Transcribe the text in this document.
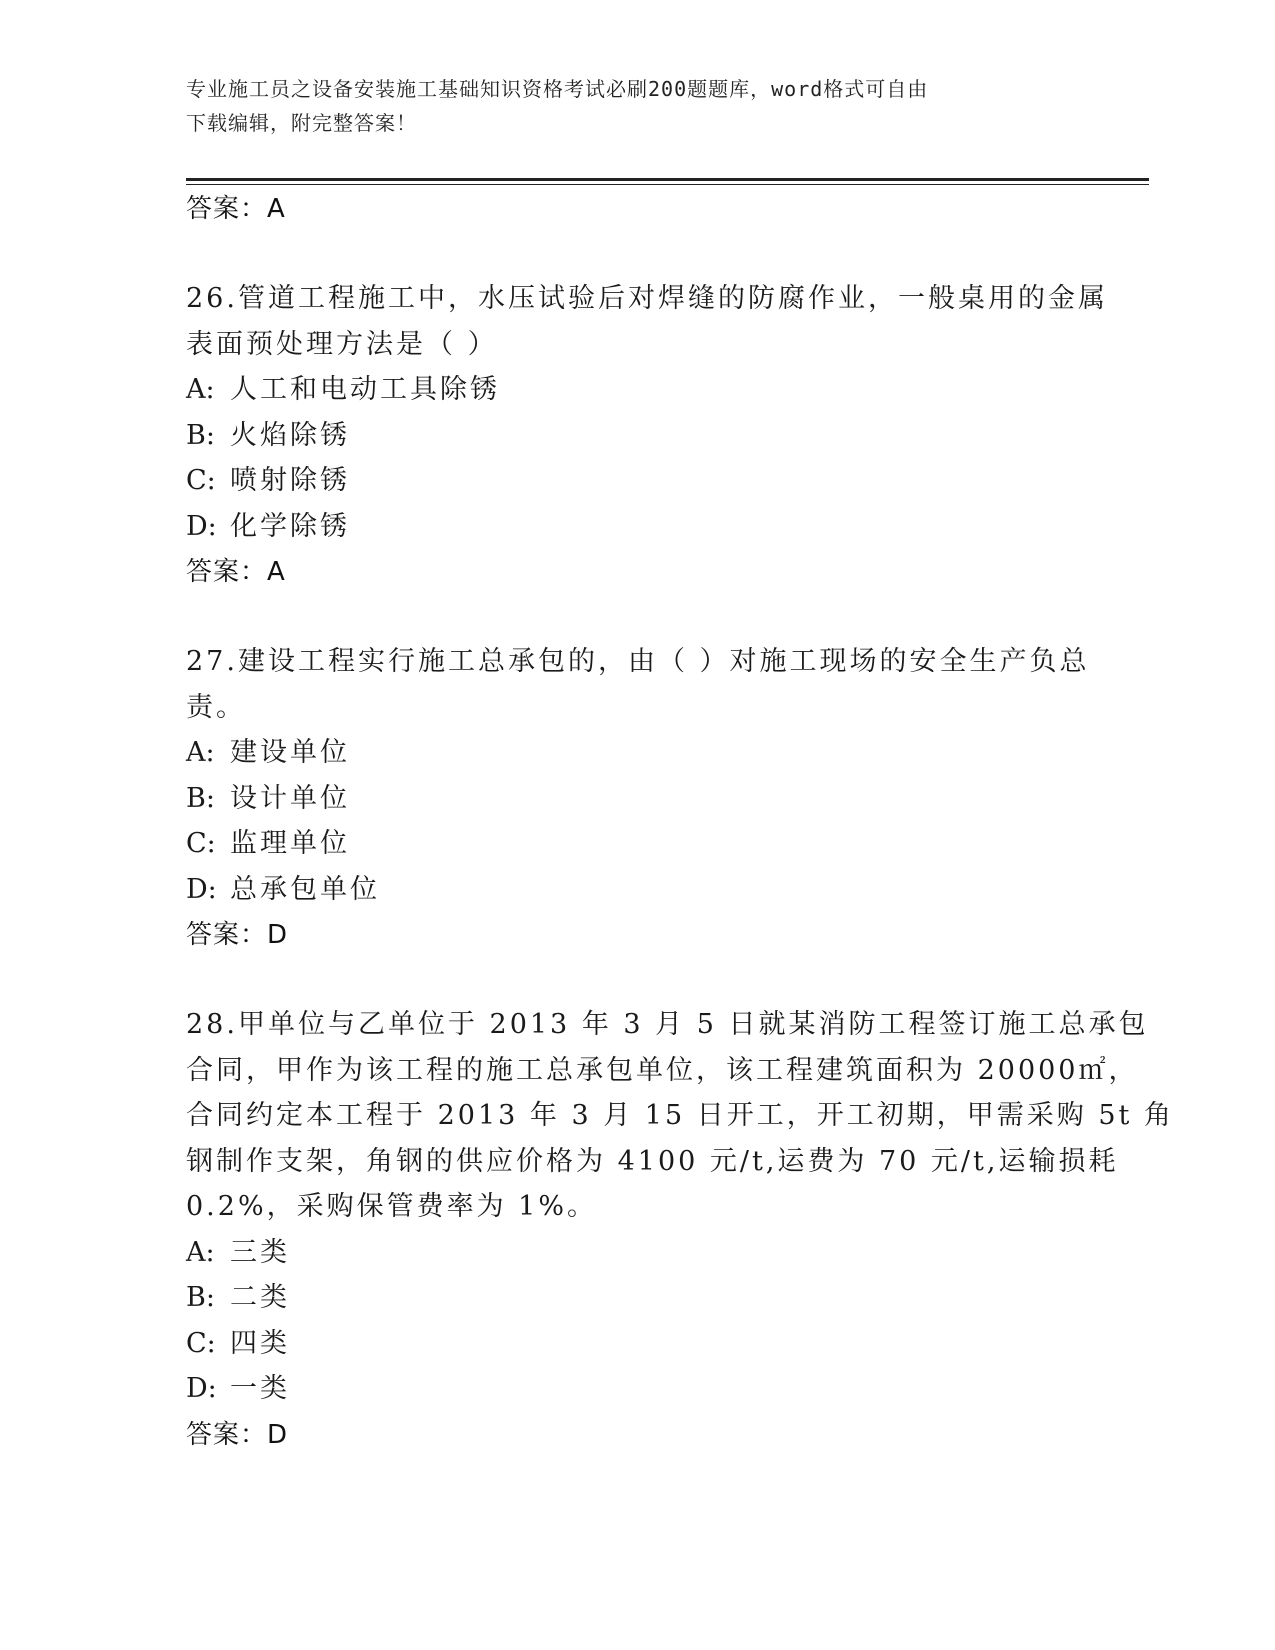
专业施工员之设备安装施工基础知识资格考试必刷200题题库，word格式可自由
下载编辑，附完整答案！
答案：A
26.管道工程施工中，水压试验后对焊缝的防腐作业，一般桌用的金属
表面预处理方法是（ ）
A: 人工和电动工具除锈
B: 火焰除锈
C: 喷射除锈
D: 化学除锈
答案：A
27.建设工程实行施工总承包的，由（ ）对施工现场的安全生产负总
责。
A: 建设单位
B: 设计单位
C: 监理单位
D: 总承包单位
答案：D
28.甲单位与乙单位于 2013 年 3 月 5 日就某消防工程签订施工总承包
合同，甲作为该工程的施工总承包单位，该工程建筑面积为 20000㎡，
合同约定本工程于 2013 年 3 月 15 日开工，开工初期，甲需采购 5t 角
钢制作支架，角钢的供应价格为 4100 元/t,运费为 70 元/t,运输损耗
0.2%，采购保管费率为 1%。
A: 三类
B: 二类
C: 四类
D: 一类
答案：D
